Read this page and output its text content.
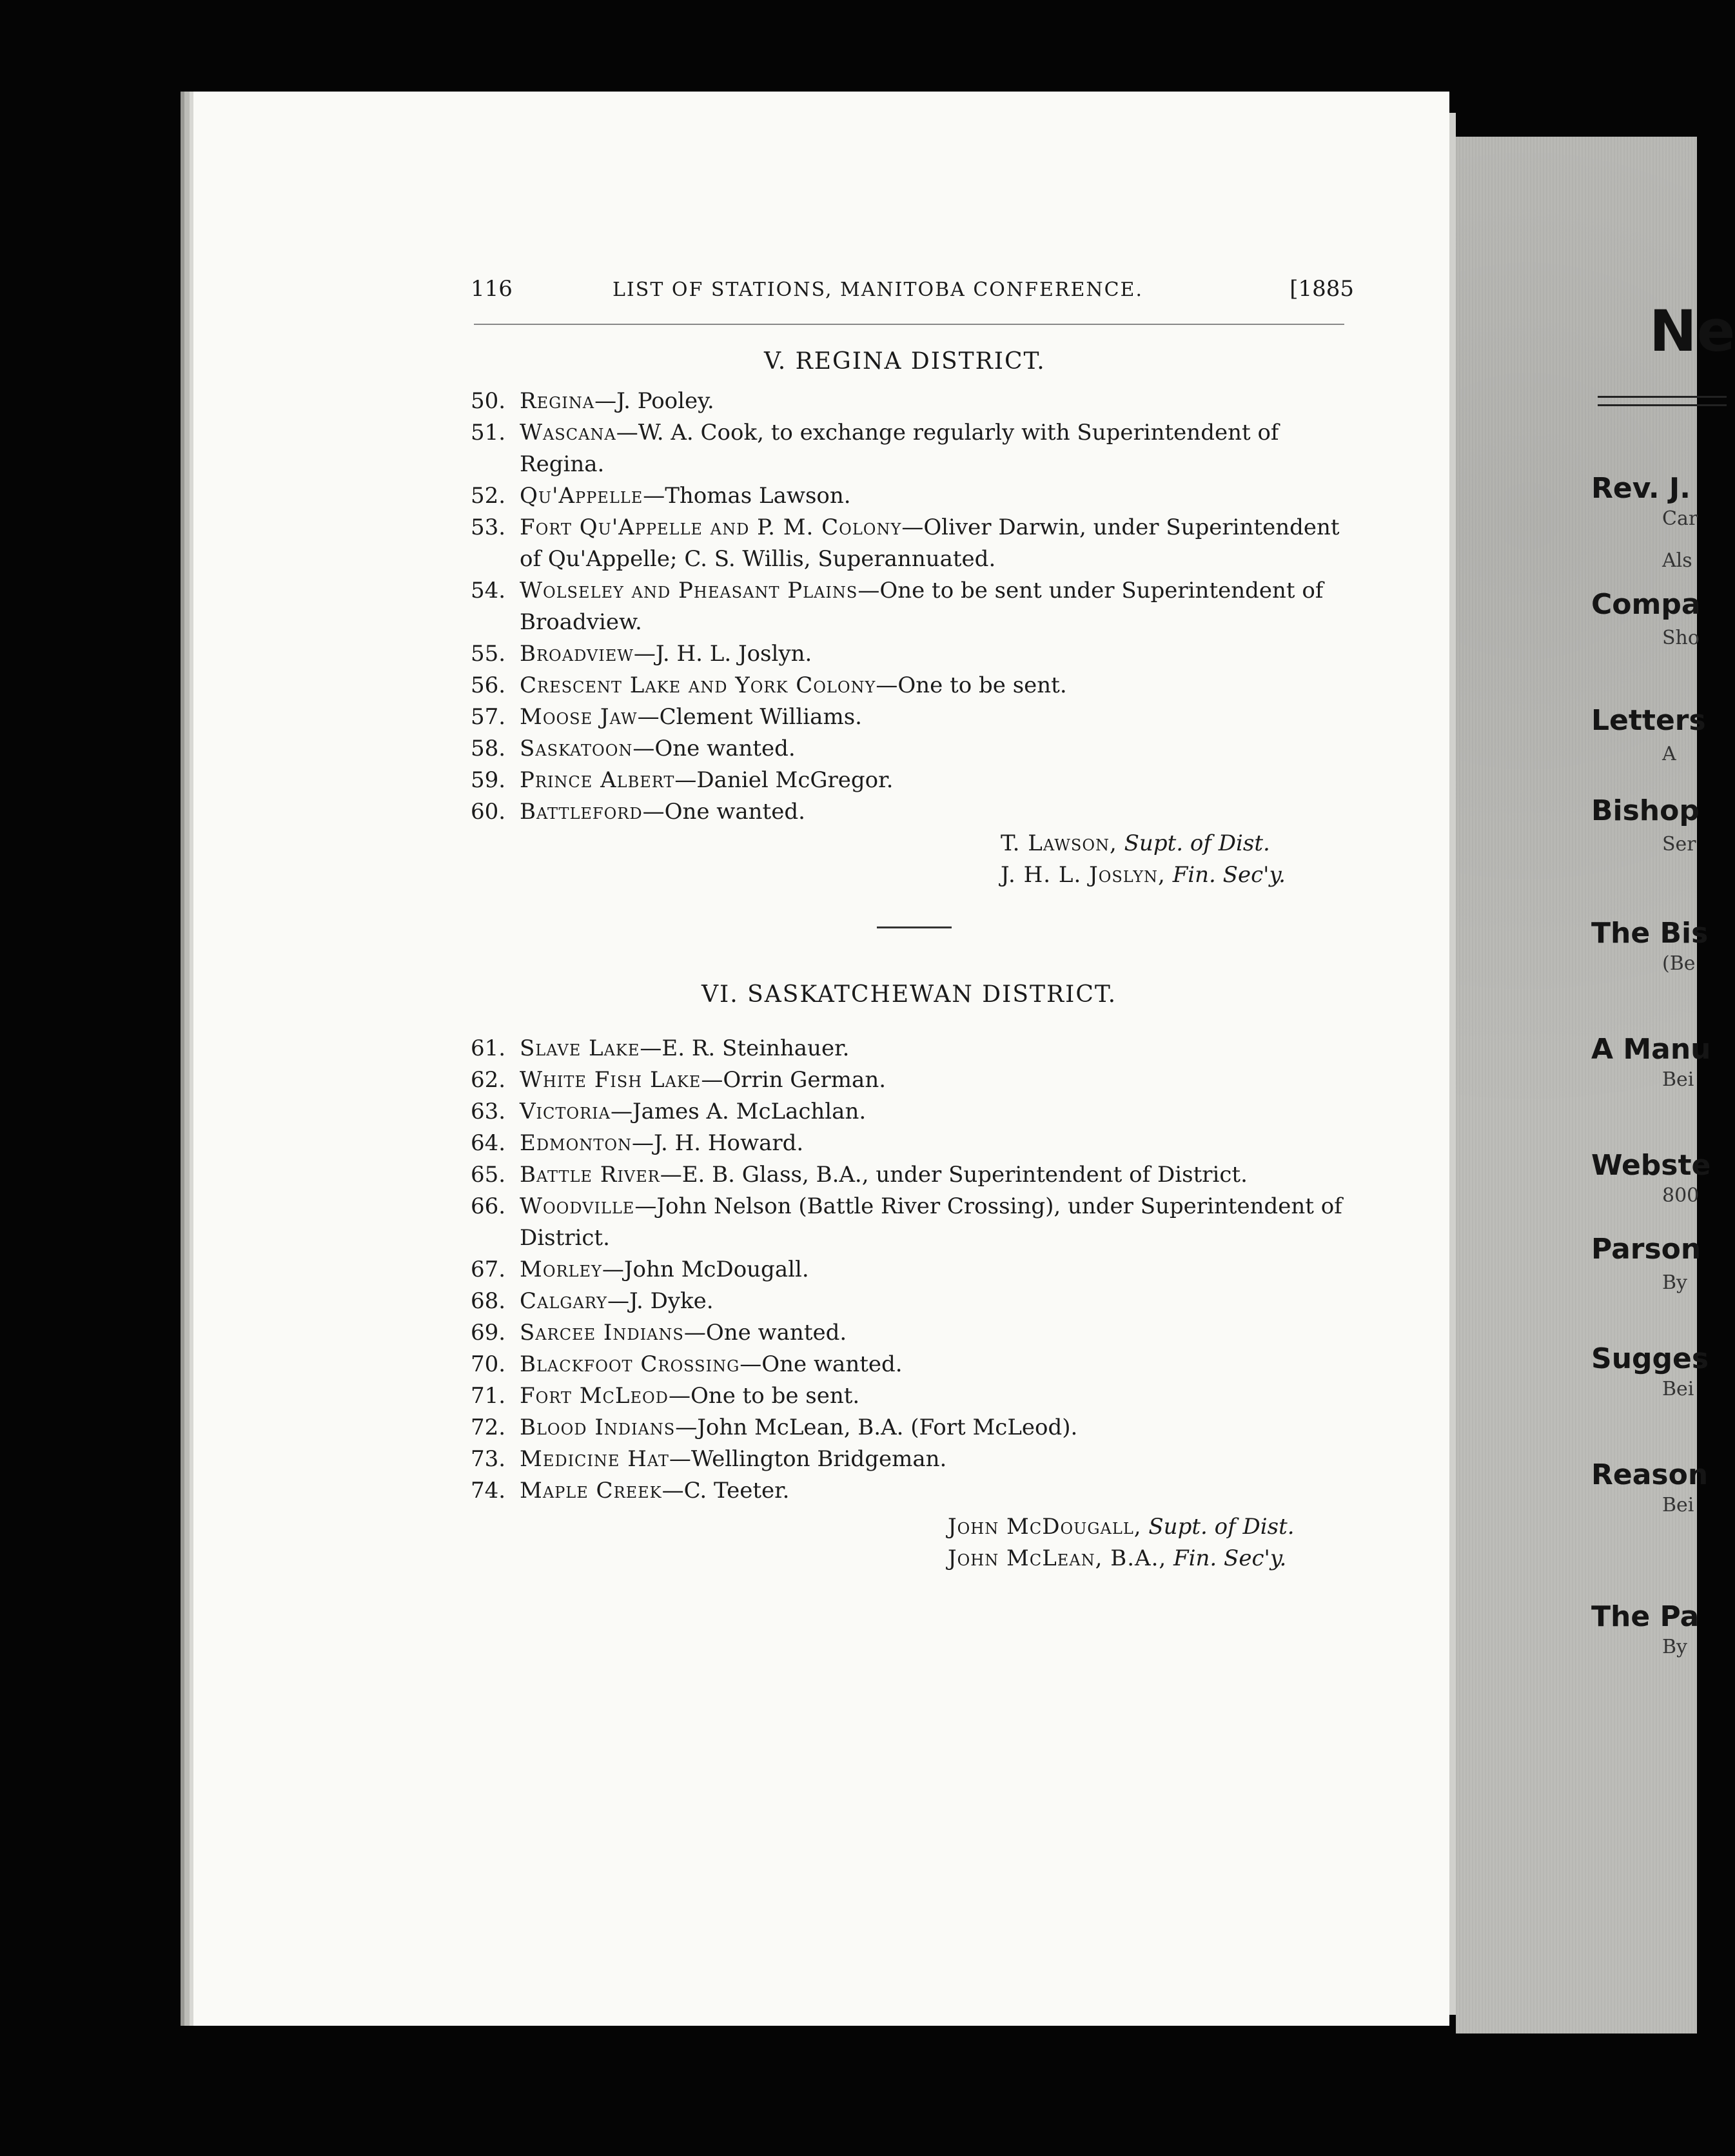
Ne
Rev. J.
Car
Als
Compa
Sho
Letters
A
Bishop
Ser
The Bis
(Be
A Manu
Bei
Webste
800
Parson
By
Sugges
Bei
Reason
Bei
The Pa
By
116	LIST OF STATIONS, MANITOBA CONFERENCE.	[1885
V. REGINA DISTRICT.
50. Regina—J. Pooley.
51. Wascana—W. A. Cook, to exchange regularly with Superintendent of Regina.
52. Qu'Appelle—Thomas Lawson.
53. Fort Qu'Appelle and P. M. Colony—Oliver Darwin, under Superintendent of Qu'Appelle; C. S. Willis, Superannuated.
54. Wolseley and Pheasant Plains—One to be sent under Superintendent of Broadview.
55. Broadview—J. H. L. Joslyn.
56. Crescent Lake and York Colony—One to be sent.
57. Moose Jaw—Clement Williams.
58. Saskatoon—One wanted.
59. Prince Albert—Daniel McGregor.
60. Battleford—One wanted.
T. Lawson, Supt. of Dist.
J. H. L. Joslyn, Fin. Sec'y.
VI. SASKATCHEWAN DISTRICT.
61. Slave Lake—E. R. Steinhauer.
62. White Fish Lake—Orrin German.
63. Victoria—James A. McLachlan.
64. Edmonton—J. H. Howard.
65. Battle River—E. B. Glass, B.A., under Superintendent of District.
66. Woodville—John Nelson (Battle River Crossing), under Superintendent of District.
67. Morley—John McDougall.
68. Calgary—J. Dyke.
69. Sarcee Indians—One wanted.
70. Blackfoot Crossing—One wanted.
71. Fort McLeod—One to be sent.
72. Blood Indians—John McLean, B.A. (Fort McLeod).
73. Medicine Hat—Wellington Bridgeman.
74. Maple Creek—C. Teeter.
John McDougall, Supt. of Dist.
John McLean, B.A., Fin. Sec'y.
